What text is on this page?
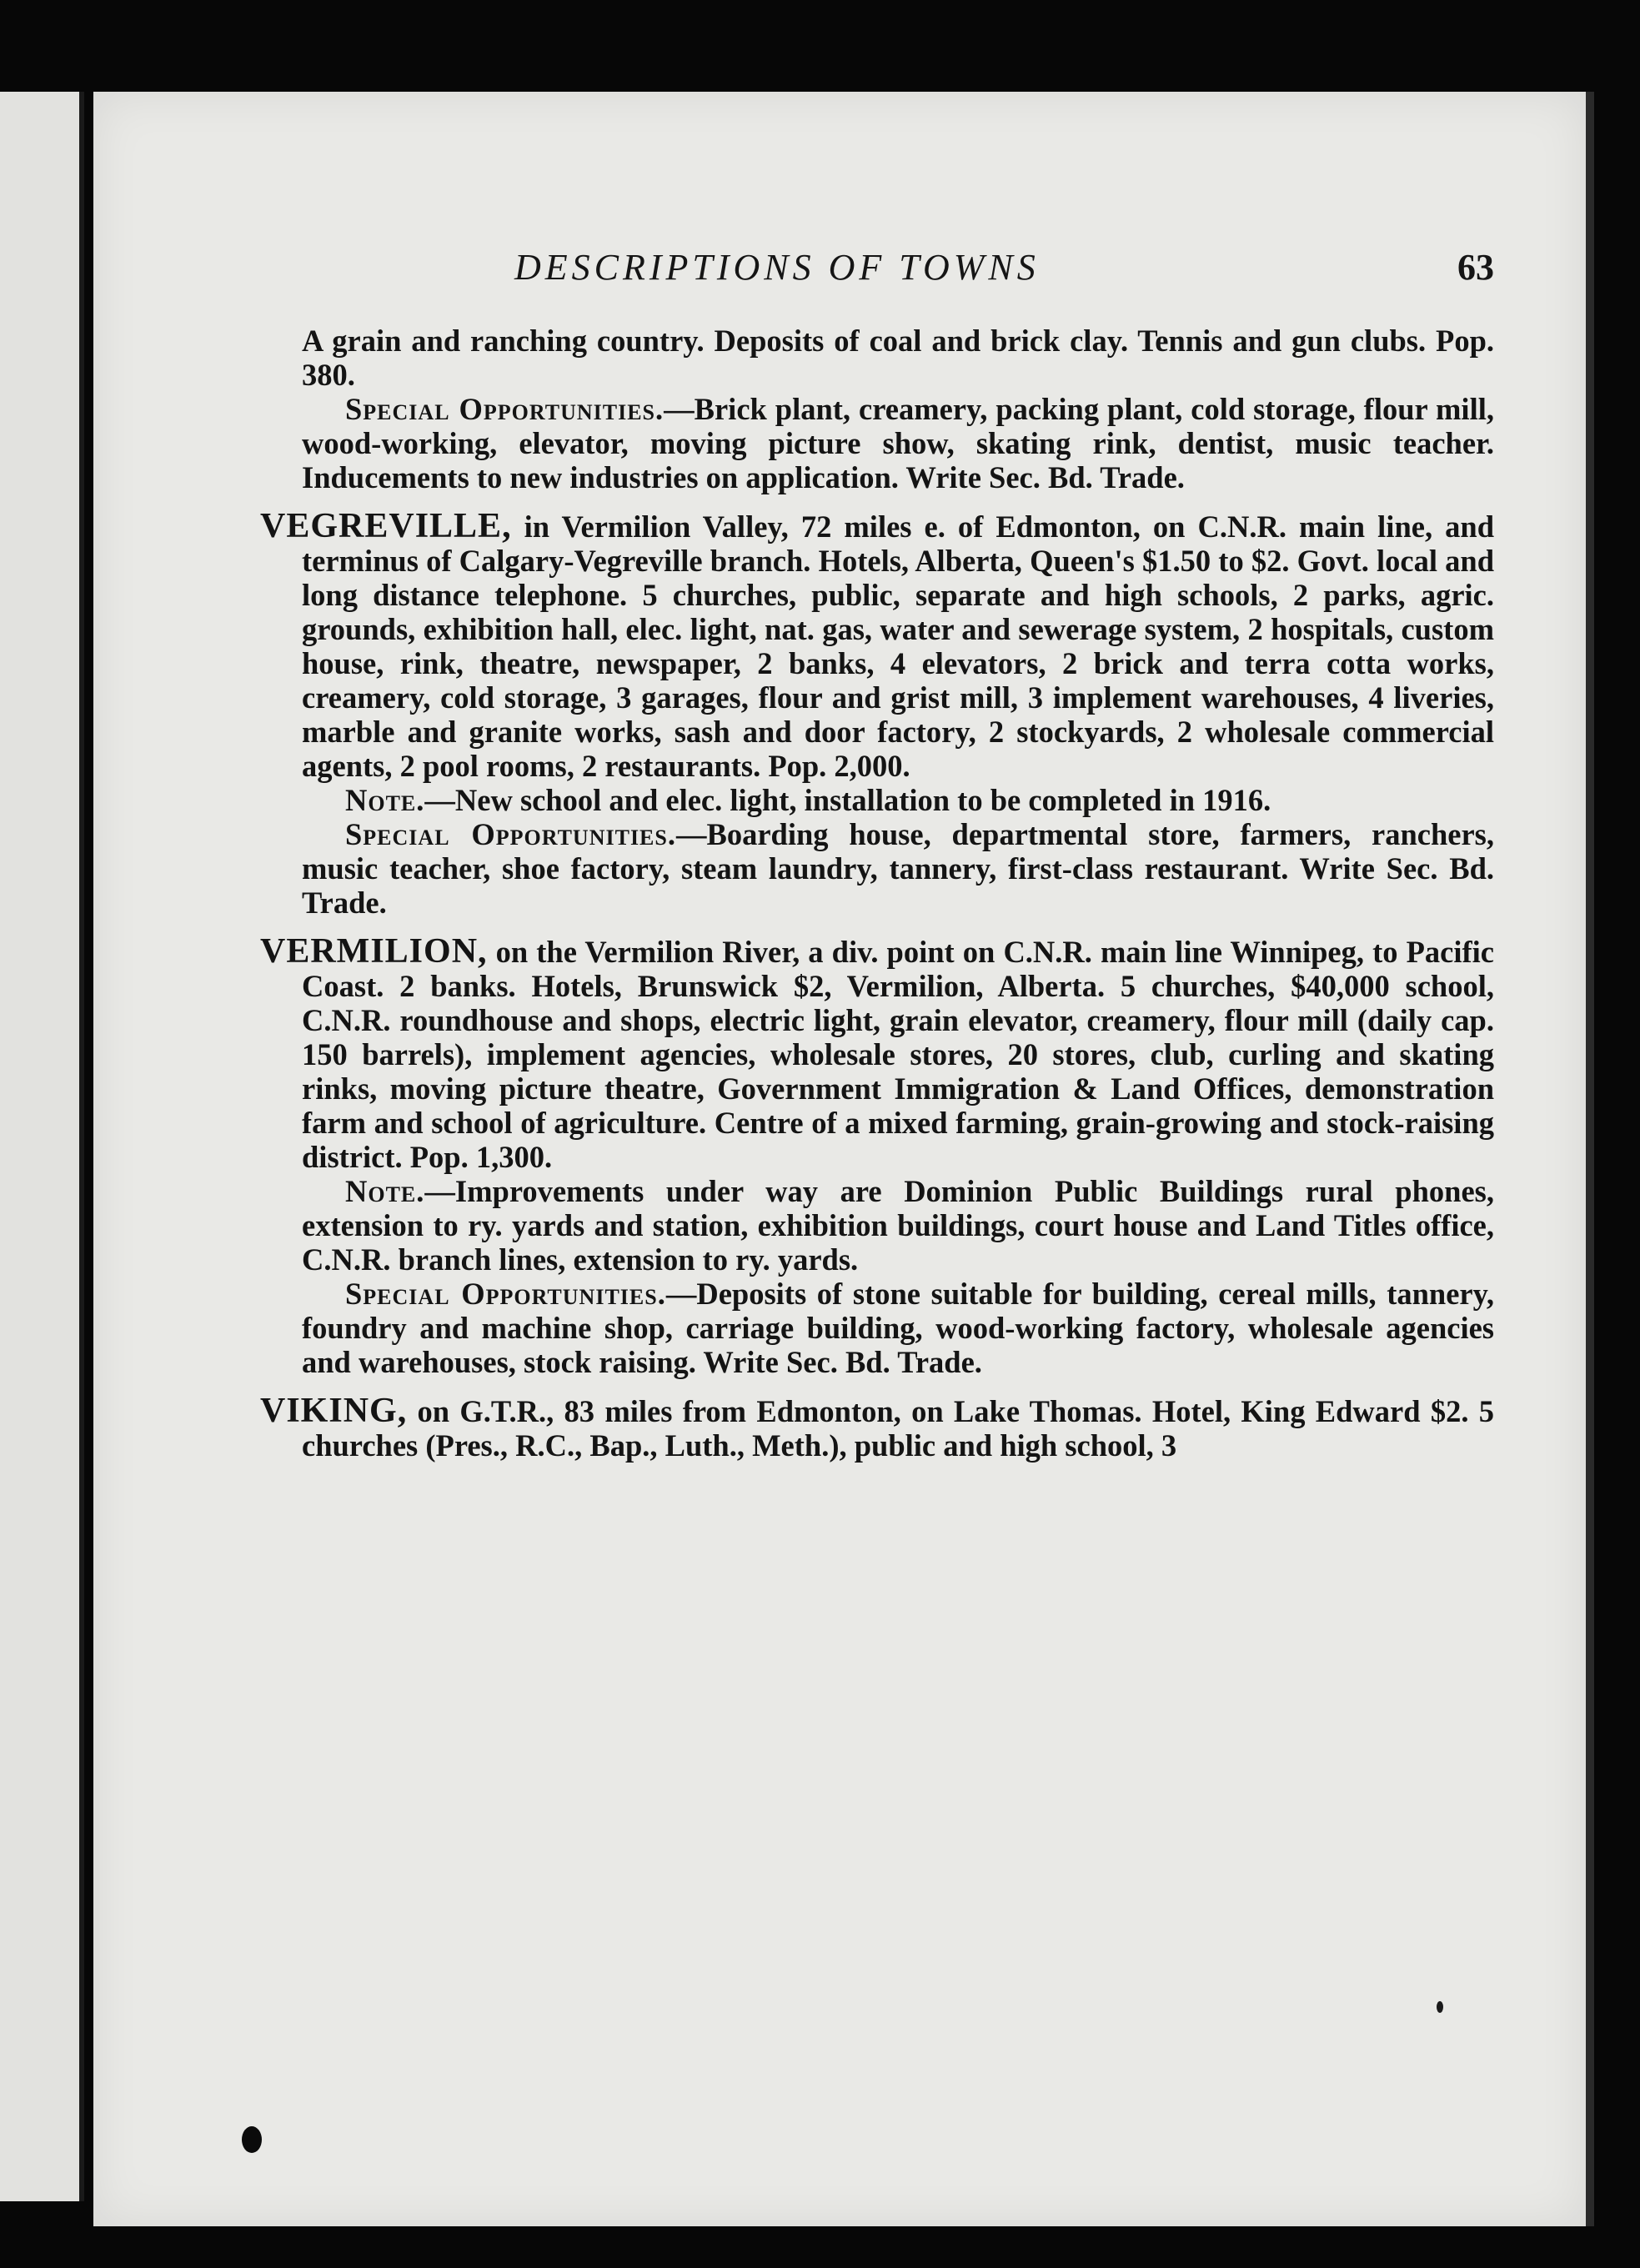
DESCRIPTIONS OF TOWNS	63

A grain and ranching country. Deposits of coal and brick clay. Tennis and gun clubs. Pop. 380.

Special Opportunities.—Brick plant, creamery, packing plant, cold storage, flour mill, wood-working, elevator, moving picture show, skating rink, dentist, music teacher. Inducements to new industries on application. Write Sec. Bd. Trade.

VEGREVILLE, in Vermilion Valley, 72 miles e. of Edmonton, on C.N.R. main line, and terminus of Calgary-Vegreville branch. Hotels, Alberta, Queen's $1.50 to $2. Govt. local and long distance telephone. 5 churches, public, separate and high schools, 2 parks, agric. grounds, exhibition hall, elec. light, nat. gas, water and sewerage system, 2 hospitals, custom house, rink, theatre, newspaper, 2 banks, 4 elevators, 2 brick and terra cotta works, creamery, cold storage, 3 garages, flour and grist mill, 3 implement warehouses, 4 liveries, marble and granite works, sash and door factory, 2 stockyards, 2 wholesale commercial agents, 2 pool rooms, 2 restaurants. Pop. 2,000.

Note.—New school and elec. light, installation to be completed in 1916.

Special Opportunities.—Boarding house, departmental store, farmers, ranchers, music teacher, shoe factory, steam laundry, tannery, first-class restaurant. Write Sec. Bd. Trade.

VERMILION, on the Vermilion River, a div. point on C.N.R. main line Winnipeg, to Pacific Coast. 2 banks. Hotels, Brunswick $2, Vermilion, Alberta. 5 churches, $40,000 school, C.N.R. roundhouse and shops, electric light, grain elevator, creamery, flour mill (daily cap. 150 barrels), implement agencies, wholesale stores, 20 stores, club, curling and skating rinks, moving picture theatre, Government Immigration & Land Offices, demonstration farm and school of agriculture. Centre of a mixed farming, grain-growing and stock-raising district. Pop. 1,300.

Note.—Improvements under way are Dominion Public Buildings rural phones, extension to ry. yards and station, exhibition buildings, court house and Land Titles office, C.N.R. branch lines, extension to ry. yards.

Special Opportunities.—Deposits of stone suitable for building, cereal mills, tannery, foundry and machine shop, carriage building, wood-working factory, wholesale agencies and warehouses, stock raising. Write Sec. Bd. Trade.

VIKING, on G.T.R., 83 miles from Edmonton, on Lake Thomas. Hotel, King Edward $2. 5 churches (Pres., R.C., Bap., Luth., Meth.), public and high school, 3
